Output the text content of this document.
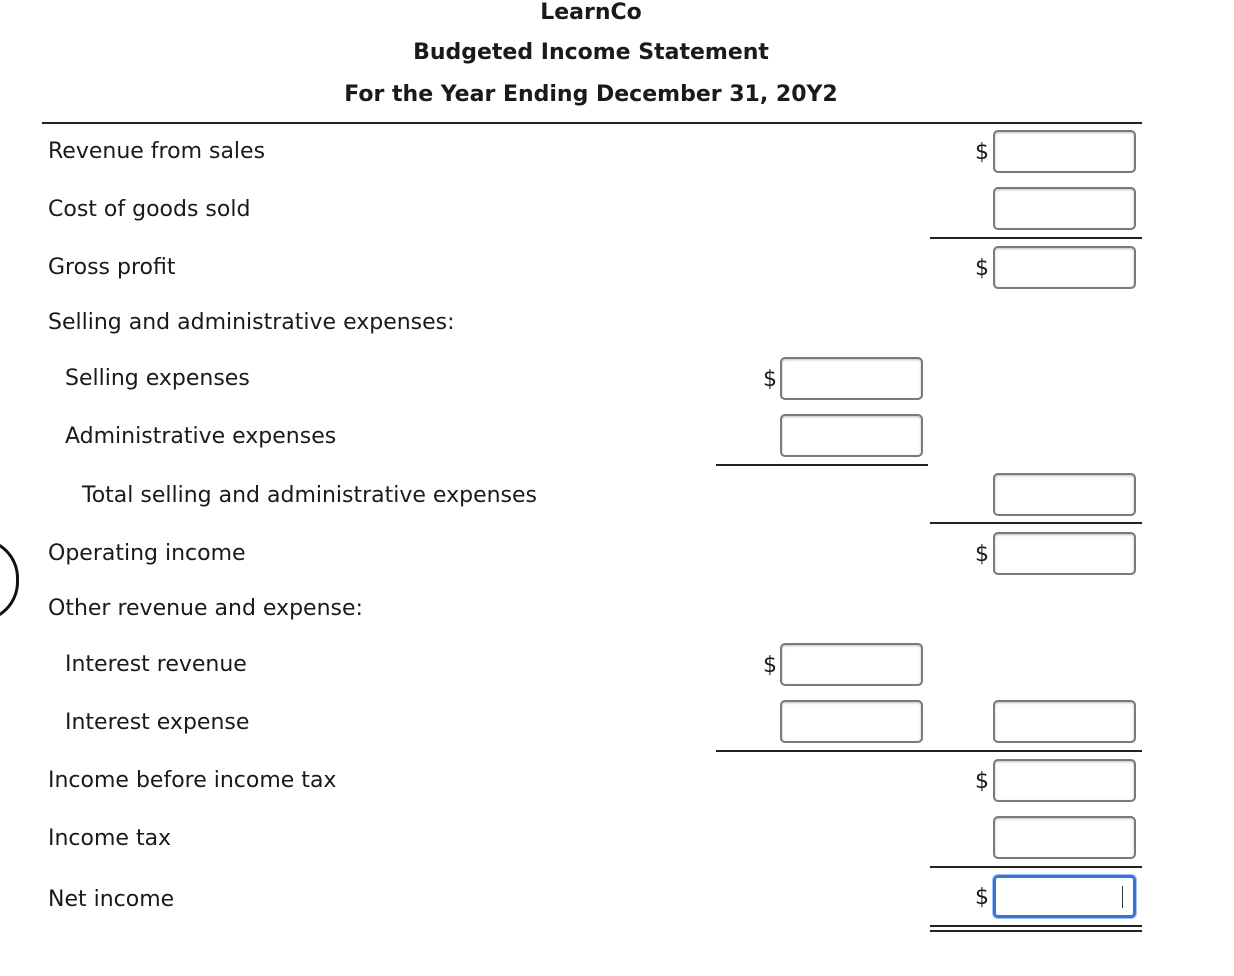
LearnCo
Budgeted Income Statement
For the Year Ending December 31, 20Y2
Revenue from sales
Cost of goods sold
Gross profit
Selling and administrative expenses:
Selling expenses
Administrative expenses
Total selling and administrative expenses
Operating income
Other revenue and expense:
Interest revenue
Interest expense
Income before income tax
Income tax
Net income
$
$
$
$
$
$
$
